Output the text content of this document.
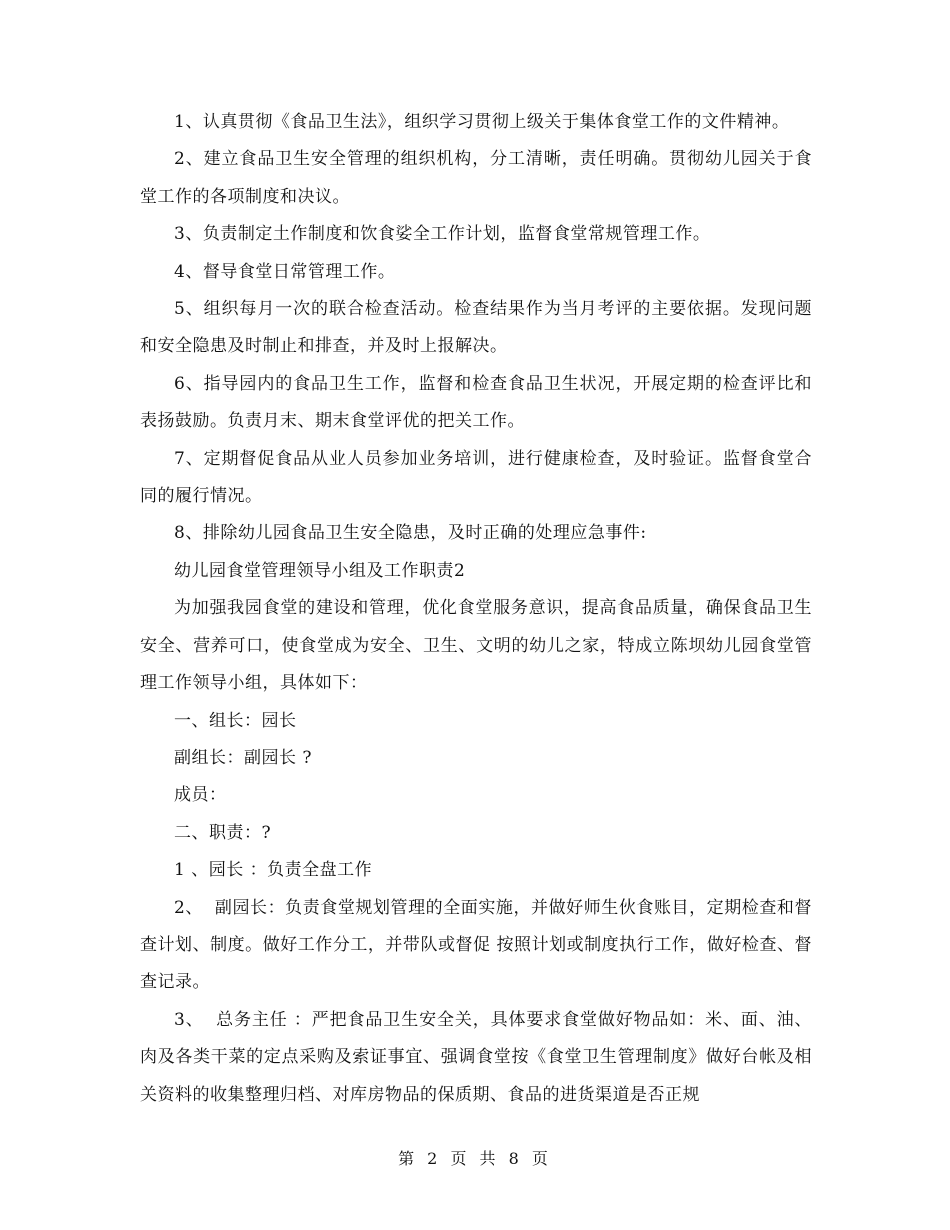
1、认真贯彻《食品卫生法》，组织学习贯彻上级关于集体食堂工作的文件精神。

2、建立食品卫生安全管理的组织机构，分工清晰，责任明确。贯彻幼儿园关于食堂工作的各项制度和决议。

3、负责制定土作制度和饮食娑全工作计划，监督食堂常规管理工作。

4、督导食堂日常管理工作。

5、组织每月一次的联合检查活动。检查结果作为当月考评的主要依据。发现问题和安全隐患及时制止和排查，并及时上报解决。

6、指导园内的食品卫生工作，监督和检查食品卫生状况，开展定期的检查评比和表扬鼓励。负责月末、期末食堂评优的把关工作。

7、定期督促食品从业人员参加业务培训，进行健康检查，及时验证。监督食堂合同的履行情况。

8、排除幼儿园食品卫生安全隐患，及时正确的处理应急事件:

幼儿园食堂管理领导小组及工作职责2

为加强我园食堂的建设和管理，优化食堂服务意识，提高食品质量，确保食品卫生安全、营养可口，使食堂成为安全、卫生、文明的幼儿之家，特成立陈坝幼儿园食堂管理工作领导小组，具体如下：

一、组长：园长

副组长：副园长 ?

成员：

二、职责：?

1 、园长 ：负责全盘工作

2、  副园长：负责食堂规划管理的全面实施，并做好师生伙食账目，定期检查和督查计划、制度。做好工作分工，并带队或督促 按照计划或制度执行工作，做好检查、督查记录。

3、  总务主任 ：严把食品卫生安全关，具体要求食堂做好物品如：米、面、油、肉及各类干菜的定点采购及索证事宜、强调食堂按《食堂卫生管理制度》做好台帐及相关资料的收集整理归档、对库房物品的保质期、食品的进货渠道是否正规

第 2 页 共 8 页
